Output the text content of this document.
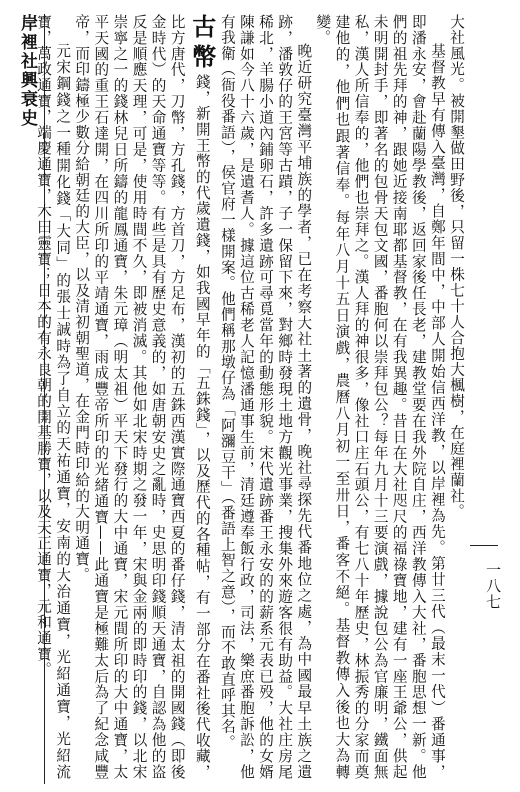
岸裡社興衰史
一八七

大社風光。被開墾做田野後，只留一株七十人合抱大楓樹，在庭裡蘭社。

基督教早有傳入臺灣，自鄭年間中，中部人開始信西洋教，以岸裡為先。第廿三代（最末一代）番通事，即潘永安，會赴蘭陽學教後，返回家後任長老，建教堂要在我外院自庄，西洋教傳入大社，番胞思想一新。他們的祖先拜的神，跟她近接南耶都基督教，在有我異趣。昔日在大社咫尺的福祿寶地，建有一座王爺公，供起未明開封手，即著名的包骨天包文國，番胞何以崇拜包公？每年九月十三要演戲，據說包公為官廉明，鐵面無私，漢人所信奉的，他們也崇拜之。漢人拜的神很多，像社口庄石頭公，有七八十年歷史，林振秀的分家而奠建他的，他們也跟著信奉。每年八月十五日演戲，農曆八月初一至卅日，番客不絕。基督教傳入後也大為轉變。

晚近研究臺灣平埔族的學者，已在考察大社土著的遺骨，晚社尋探先代番地位之處，為中國最早土族之遺跡，潘敦仔的王宮等古蹟，子一保留下來，對鄉時發現土地方觀光事業，搜集外來遊客很有助益。大社庄房尾稀北，羊腸小道內鋪卵石，許多遺跡可尋覓當年的動態形貌。宋代遺跡番王永安的的薪系元表已殁，他的女婿陳謙如今八十六歲，是遺耆人。據這位古稀老人記憶潘通事生前，清廷遵奉飯行政，司法，樂庶番胞訴訟，他有我衛（衙役番語），侯官府一樣開案。他們稱那墩仔為「阿瀰豆干」（番語上智之意），而不敢直呼其名。

古幣錢，新開王幣的代歲遺錢，如我國早年的「五銖錢」，以及歷代的各種帖，有一部分在番社後代收藏，比方唐代，刀幣，方孔錢，方首刀，方足布，漢初的五銖西漢實際通寶西夏的番仔錢，清太祖的開國錢（即後金時代）的天命通寶等等。有些是具有歷史意義的，如唐朝安史之亂時，史思明印錢順天通寶，自認為他的盗反是順應天理，可是，使用時間不久，即被消滅。其他如北宋時期之發一年，宋與金兩的即時印的錢，以北宋崇寧之一的錢林兒日所鑄的龍鳳通寶，朱元璋（明太祖）平天下發行的大中通寶，宋元間所印的大中通寶，太平天國的重王石達開，在四川所印的平靖通寶，雨成豐帝所印的光緒通寶——此通寶是極難太后為了紀念咸豐帝，而印鑄極少數分給朝廷的大臣，以及清初朝聖道，在金門時印給的大明通寶。

元宋鋼錢之一種開化錢「大同」的張士誠時為了自立的天祐通寶，安南的大治通寶，光紹通寶，光紹流寶，萬政通寶，端慶通寶，木田靈寶；日本的有永良朝的開基勝寶，以及天正通寶，元和通寶。
